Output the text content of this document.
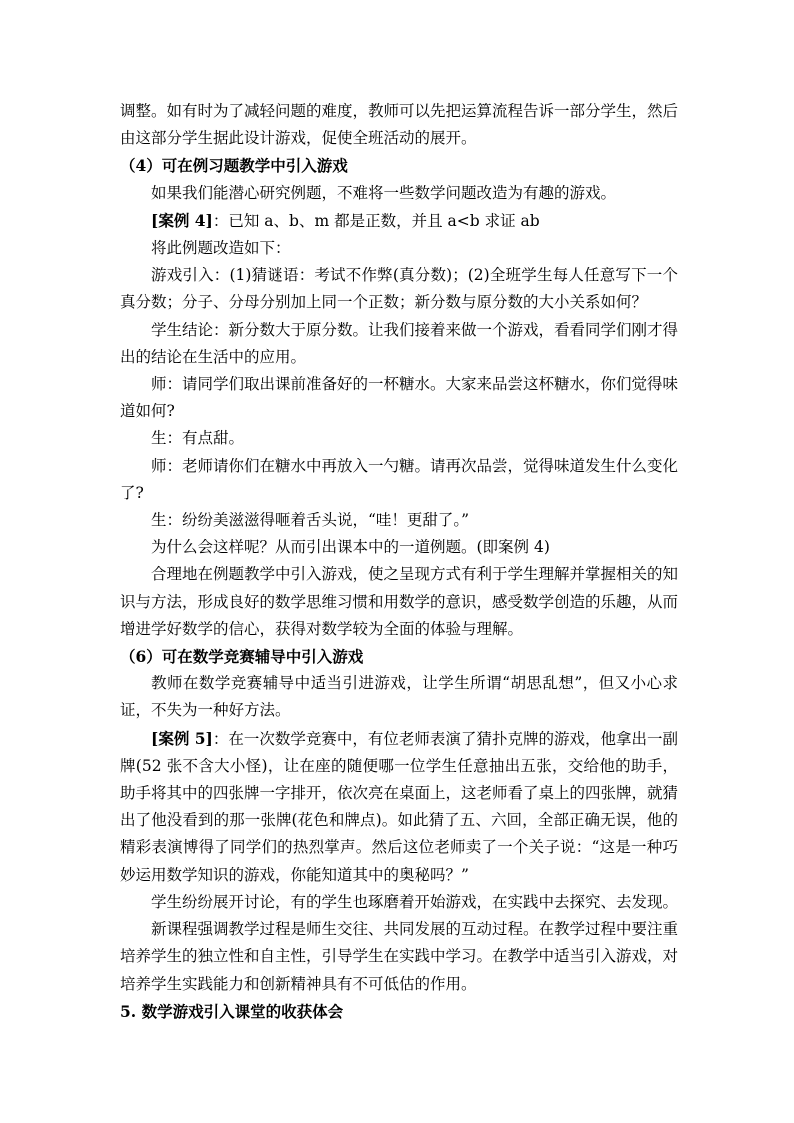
调整。如有时为了减轻问题的难度，教师可以先把运算流程告诉一部分学生，然后由这部分学生据此设计游戏，促使全班活动的展开。

（4）可在例习题教学中引入游戏

如果我们能潜心研究例题，不难将一些数学问题改造为有趣的游戏。

[案例 4]：已知 a、b、m 都是正数，并且 a<b 求证 ab

将此例题改造如下：

游戏引入：(1)猜谜语：考试不作弊(真分数)；(2)全班学生每人任意写下一个真分数；分子、分母分别加上同一个正数；新分数与原分数的大小关系如何？

学生结论：新分数大于原分数。让我们接着来做一个游戏，看看同学们刚才得出的结论在生活中的应用。

师：请同学们取出课前准备好的一杯糖水。大家来品尝这杯糖水，你们觉得味道如何?

生：有点甜。

师：老师请你们在糖水中再放入一勺糖。请再次品尝，觉得味道发生什么变化了?

生：纷纷美滋滋得咂着舌头说，“哇！更甜了。”

为什么会这样呢？从而引出课本中的一道例题。(即案例 4)

合理地在例题教学中引入游戏，使之呈现方式有利于学生理解并掌握相关的知识与方法，形成良好的数学思维习惯和用数学的意识，感受数学创造的乐趣，从而增进学好数学的信心，获得对数学较为全面的体验与理解。

（6）可在数学竞赛辅导中引入游戏

教师在数学竞赛辅导中适当引进游戏，让学生所谓“胡思乱想”，但又小心求证，不失为一种好方法。

[案例 5]：在一次数学竞赛中，有位老师表演了猜扑克牌的游戏，他拿出一副牌(52 张不含大小怪)，让在座的随便哪一位学生任意抽出五张，交给他的助手，助手将其中的四张牌一字排开，依次亮在桌面上，这老师看了桌上的四张牌，就猜出了他没看到的那一张牌(花色和牌点)。如此猜了五、六回，全部正确无误，他的精彩表演博得了同学们的热烈掌声。然后这位老师卖了一个关子说：“这是一种巧妙运用数学知识的游戏，你能知道其中的奥秘吗？”

学生纷纷展开讨论，有的学生也琢磨着开始游戏，在实践中去探究、去发现。

新课程强调教学过程是师生交往、共同发展的互动过程。在教学过程中要注重培养学生的独立性和自主性，引导学生在实践中学习。在教学中适当引入游戏，对培养学生实践能力和创新精神具有不可低估的作用。

5. 数学游戏引入课堂的收获体会
